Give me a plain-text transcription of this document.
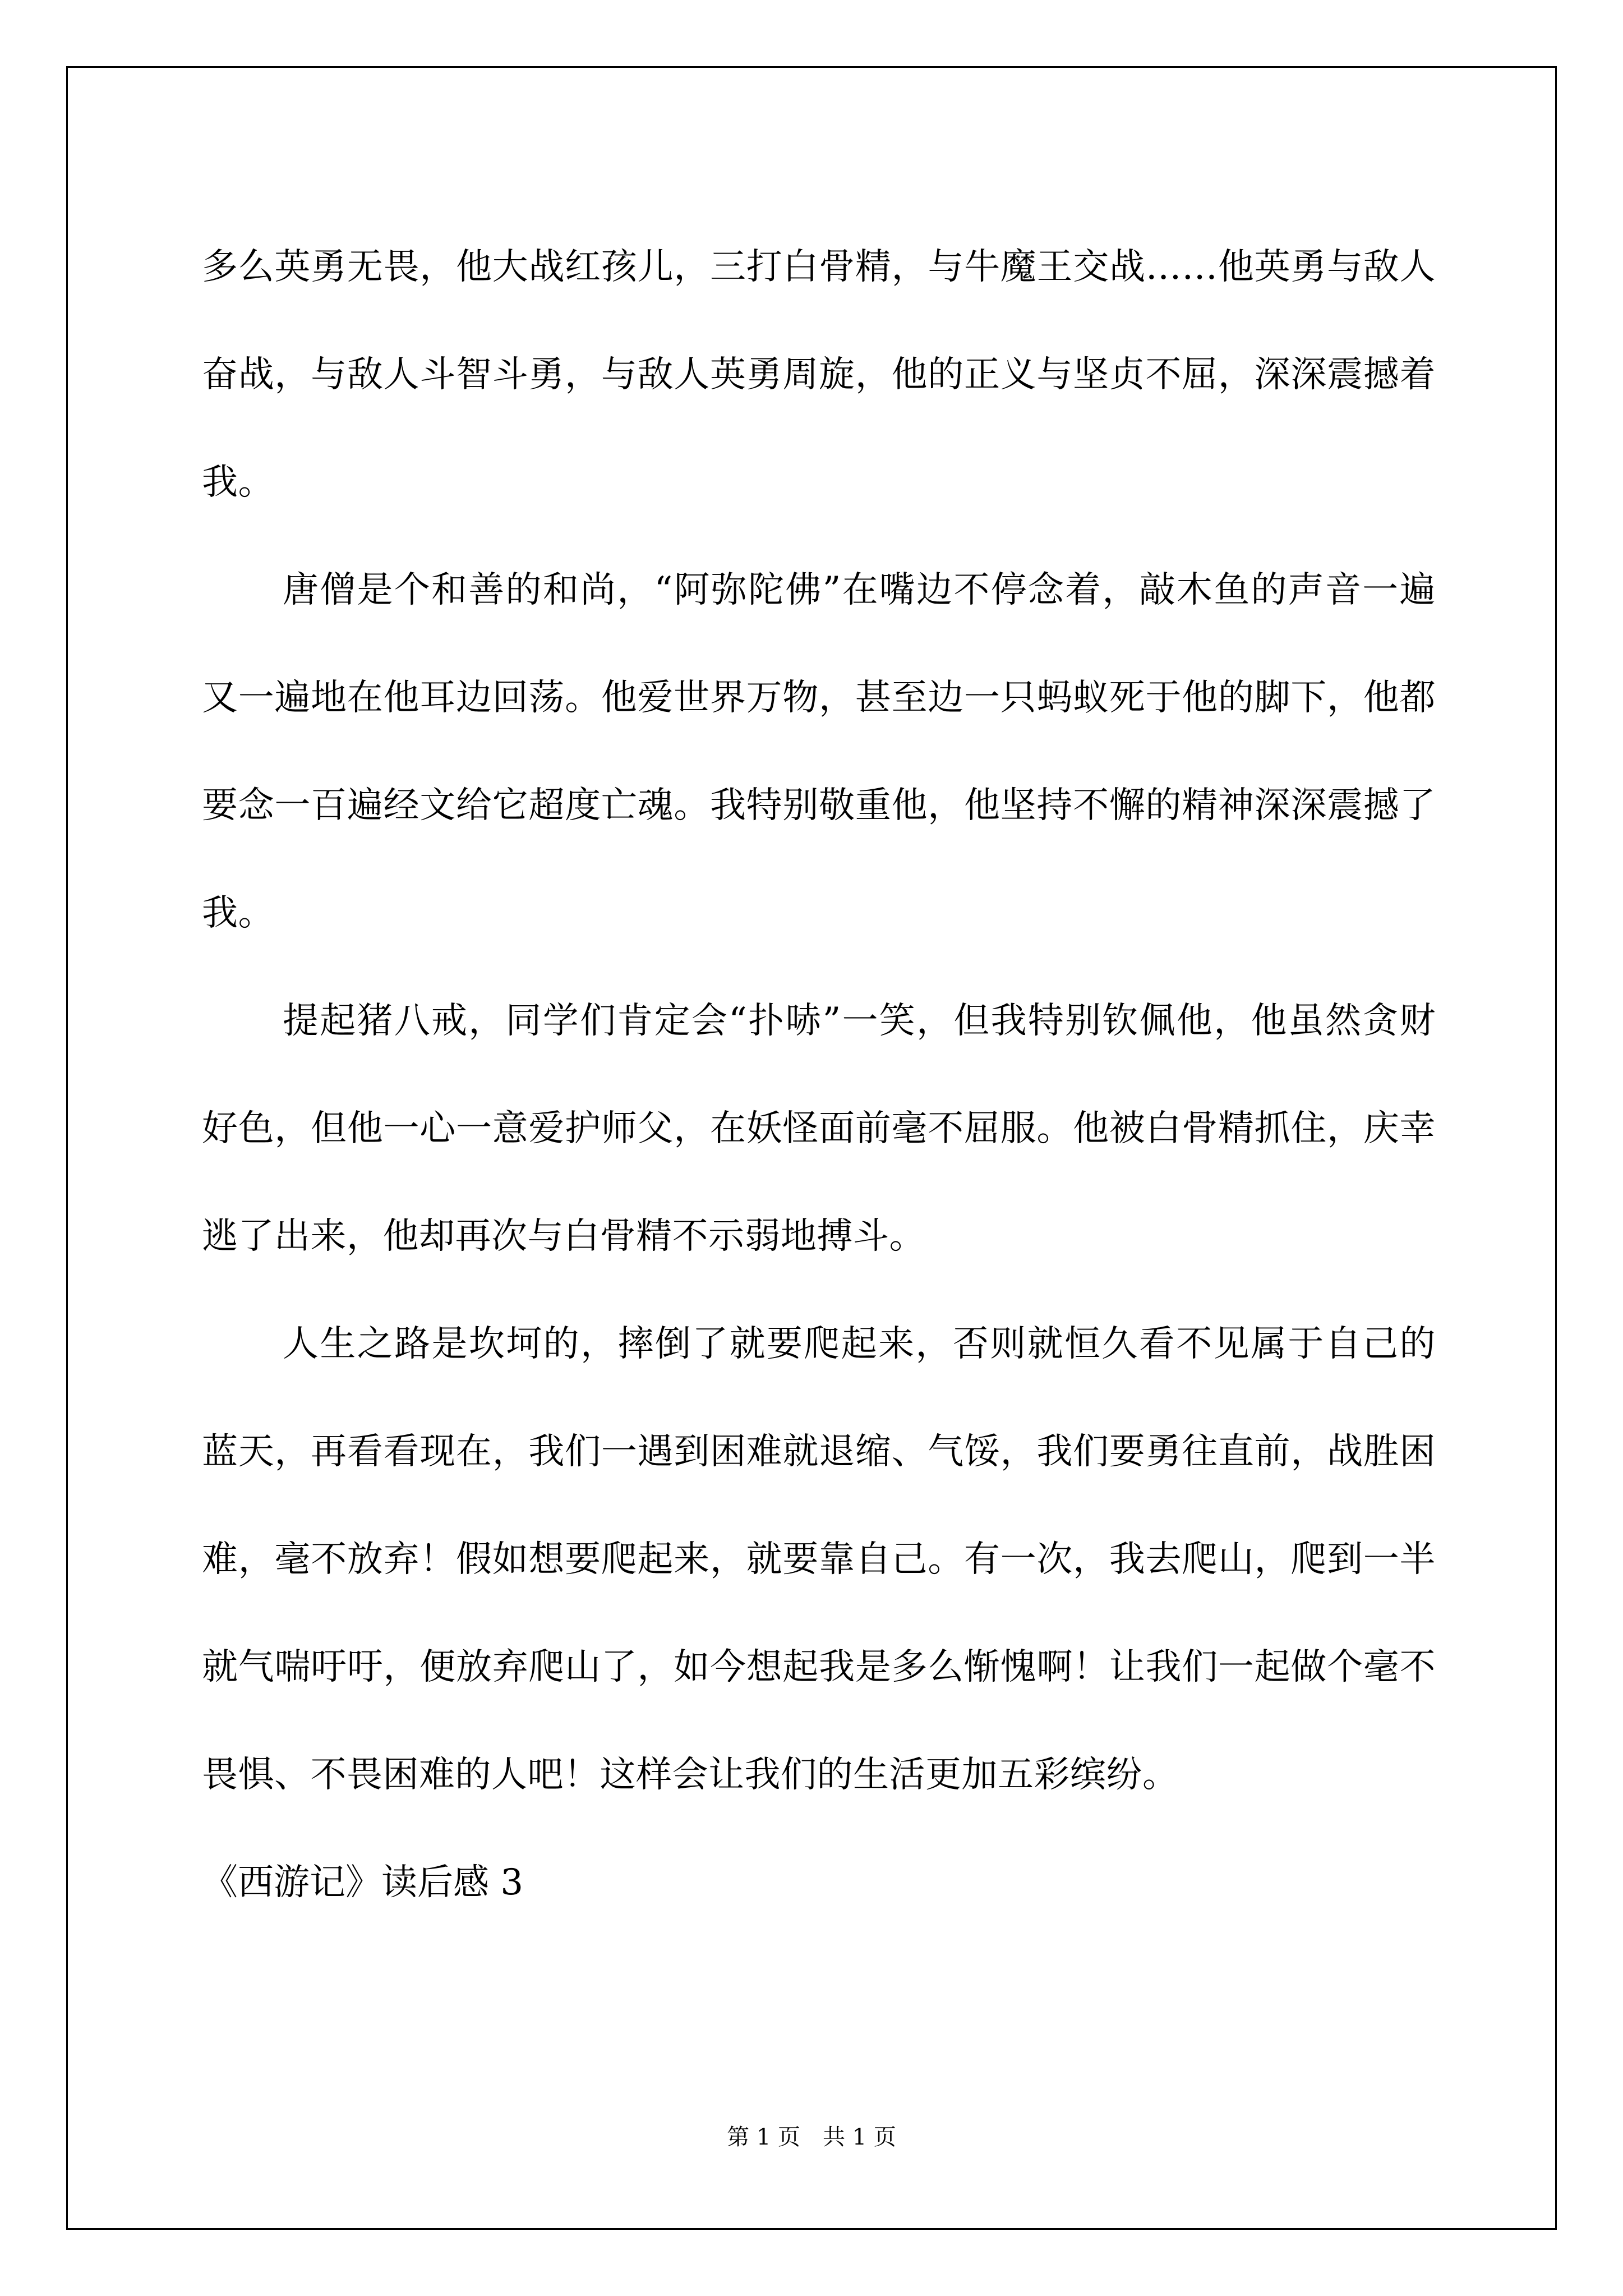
多么英勇无畏，他大战红孩儿，三打白骨精，与牛魔王交战……他英勇与敌人奋战，与敌人斗智斗勇，与敌人英勇周旋，他的正义与坚贞不屈，深深震撼着我。

唐僧是个和善的和尚，“阿弥陀佛”在嘴边不停念着，敲木鱼的声音一遍又一遍地在他耳边回荡。他爱世界万物，甚至边一只蚂蚁死于他的脚下，他都要念一百遍经文给它超度亡魂。我特别敬重他，他坚持不懈的精神深深震撼了我。

提起猪八戒，同学们肯定会“扑哧”一笑，但我特别钦佩他，他虽然贪财好色，但他一心一意爱护师父，在妖怪面前毫不屈服。他被白骨精抓住，庆幸逃了出来，他却再次与白骨精不示弱地搏斗。

人生之路是坎坷的，摔倒了就要爬起来，否则就恒久看不见属于自己的蓝天，再看看现在，我们一遇到困难就退缩、气馁，我们要勇往直前，战胜困难，毫不放弃！假如想要爬起来，就要靠自己。有一次，我去爬山，爬到一半就气喘吁吁，便放弃爬山了，如今想起我是多么惭愧啊！让我们一起做个毫不畏惧、不畏困难的人吧！这样会让我们的生活更加五彩缤纷。

《西游记》读后感 3

第 1 页　共 1 页
